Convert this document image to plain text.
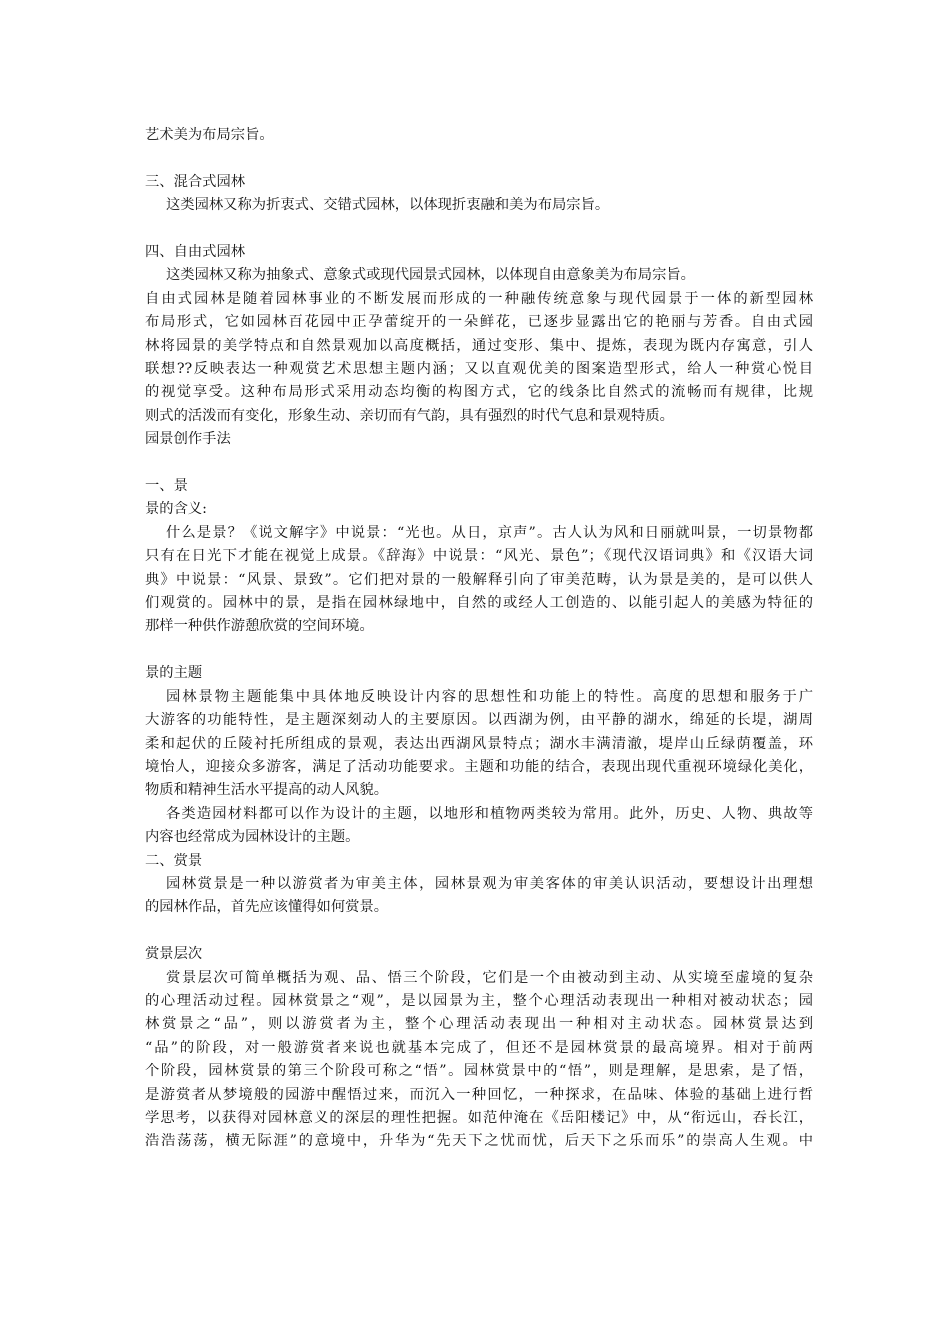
艺术美为布局宗旨。
三、混合式园林
这类园林又称为折衷式、交错式园林，以体现折衷融和美为布局宗旨。
四、自由式园林
这类园林又称为抽象式、意象式或现代园景式园林，以体现自由意象美为布局宗旨。
自由式园林是随着园林事业的不断发展而形成的一种融传统意象与现代园景于一体的新型园林
布局形式，它如园林百花园中正孕蕾绽开的一朵鲜花，已逐步显露出它的艳丽与芳香。自由式园
林将园景的美学特点和自然景观加以高度概括，通过变形、集中、提炼，表现为既内存寓意，引人
联想??反映表达一种观赏艺术思想主题内涵；又以直观优美的图案造型形式，给人一种赏心悦目
的视觉享受。这种布局形式采用动态均衡的构图方式，它的线条比自然式的流畅而有规律，比规
则式的活泼而有变化，形象生动、亲切而有气韵，具有强烈的时代气息和景观特质。
园景创作手法
一、景
景的含义:
什么是景？《说文解字》中说景：“光也。从日，京声”。古人认为风和日丽就叫景，一切景物都
只有在日光下才能在视觉上成景。《辞海》中说景：“风光、景色”；《现代汉语词典》和《汉语大词
典》中说景：“风景、景致”。它们把对景的一般解释引向了审美范畴，认为景是美的，是可以供人
们观赏的。园林中的景，是指在园林绿地中，自然的或经人工创造的、以能引起人的美感为特征的
那样一种供作游憩欣赏的空间环境。
景的主题
园林景物主题能集中具体地反映设计内容的思想性和功能上的特性。高度的思想和服务于广
大游客的功能特性，是主题深刻动人的主要原因。以西湖为例，由平静的湖水，绵延的长堤，湖周
柔和起伏的丘陵衬托所组成的景观，表达出西湖风景特点；湖水丰满清澈，堤岸山丘绿荫覆盖，环
境怡人，迎接众多游客，满足了活动功能要求。主题和功能的结合，表现出现代重视环境绿化美化，
物质和精神生活水平提高的动人风貌。
各类造园材料都可以作为设计的主题，以地形和植物两类较为常用。此外，历史、人物、典故等
内容也经常成为园林设计的主题。
二、赏景
园林赏景是一种以游赏者为审美主体，园林景观为审美客体的审美认识活动，要想设计出理想
的园林作品，首先应该懂得如何赏景。
赏景层次
赏景层次可简单概括为观、品、悟三个阶段，它们是一个由被动到主动、从实境至虚境的复杂
的心理活动过程。园林赏景之“观”，是以园景为主，整个心理活动表现出一种相对被动状态；园
林赏景之“品”，则以游赏者为主，整个心理活动表现出一种相对主动状态。园林赏景达到
“品”的阶段，对一般游赏者来说也就基本完成了，但还不是园林赏景的最高境界。相对于前两
个阶段，园林赏景的第三个阶段可称之“悟”。园林赏景中的“悟”，则是理解，是思索，是了悟，
是游赏者从梦境般的园游中醒悟过来，而沉入一种回忆，一种探求，在品味、体验的基础上进行哲
学思考，以获得对园林意义的深层的理性把握。如范仲淹在《岳阳楼记》中，从“衔远山，吞长江，
浩浩荡荡，横无际涯”的意境中，升华为“先天下之忧而忧，后天下之乐而乐”的崇高人生观。中
